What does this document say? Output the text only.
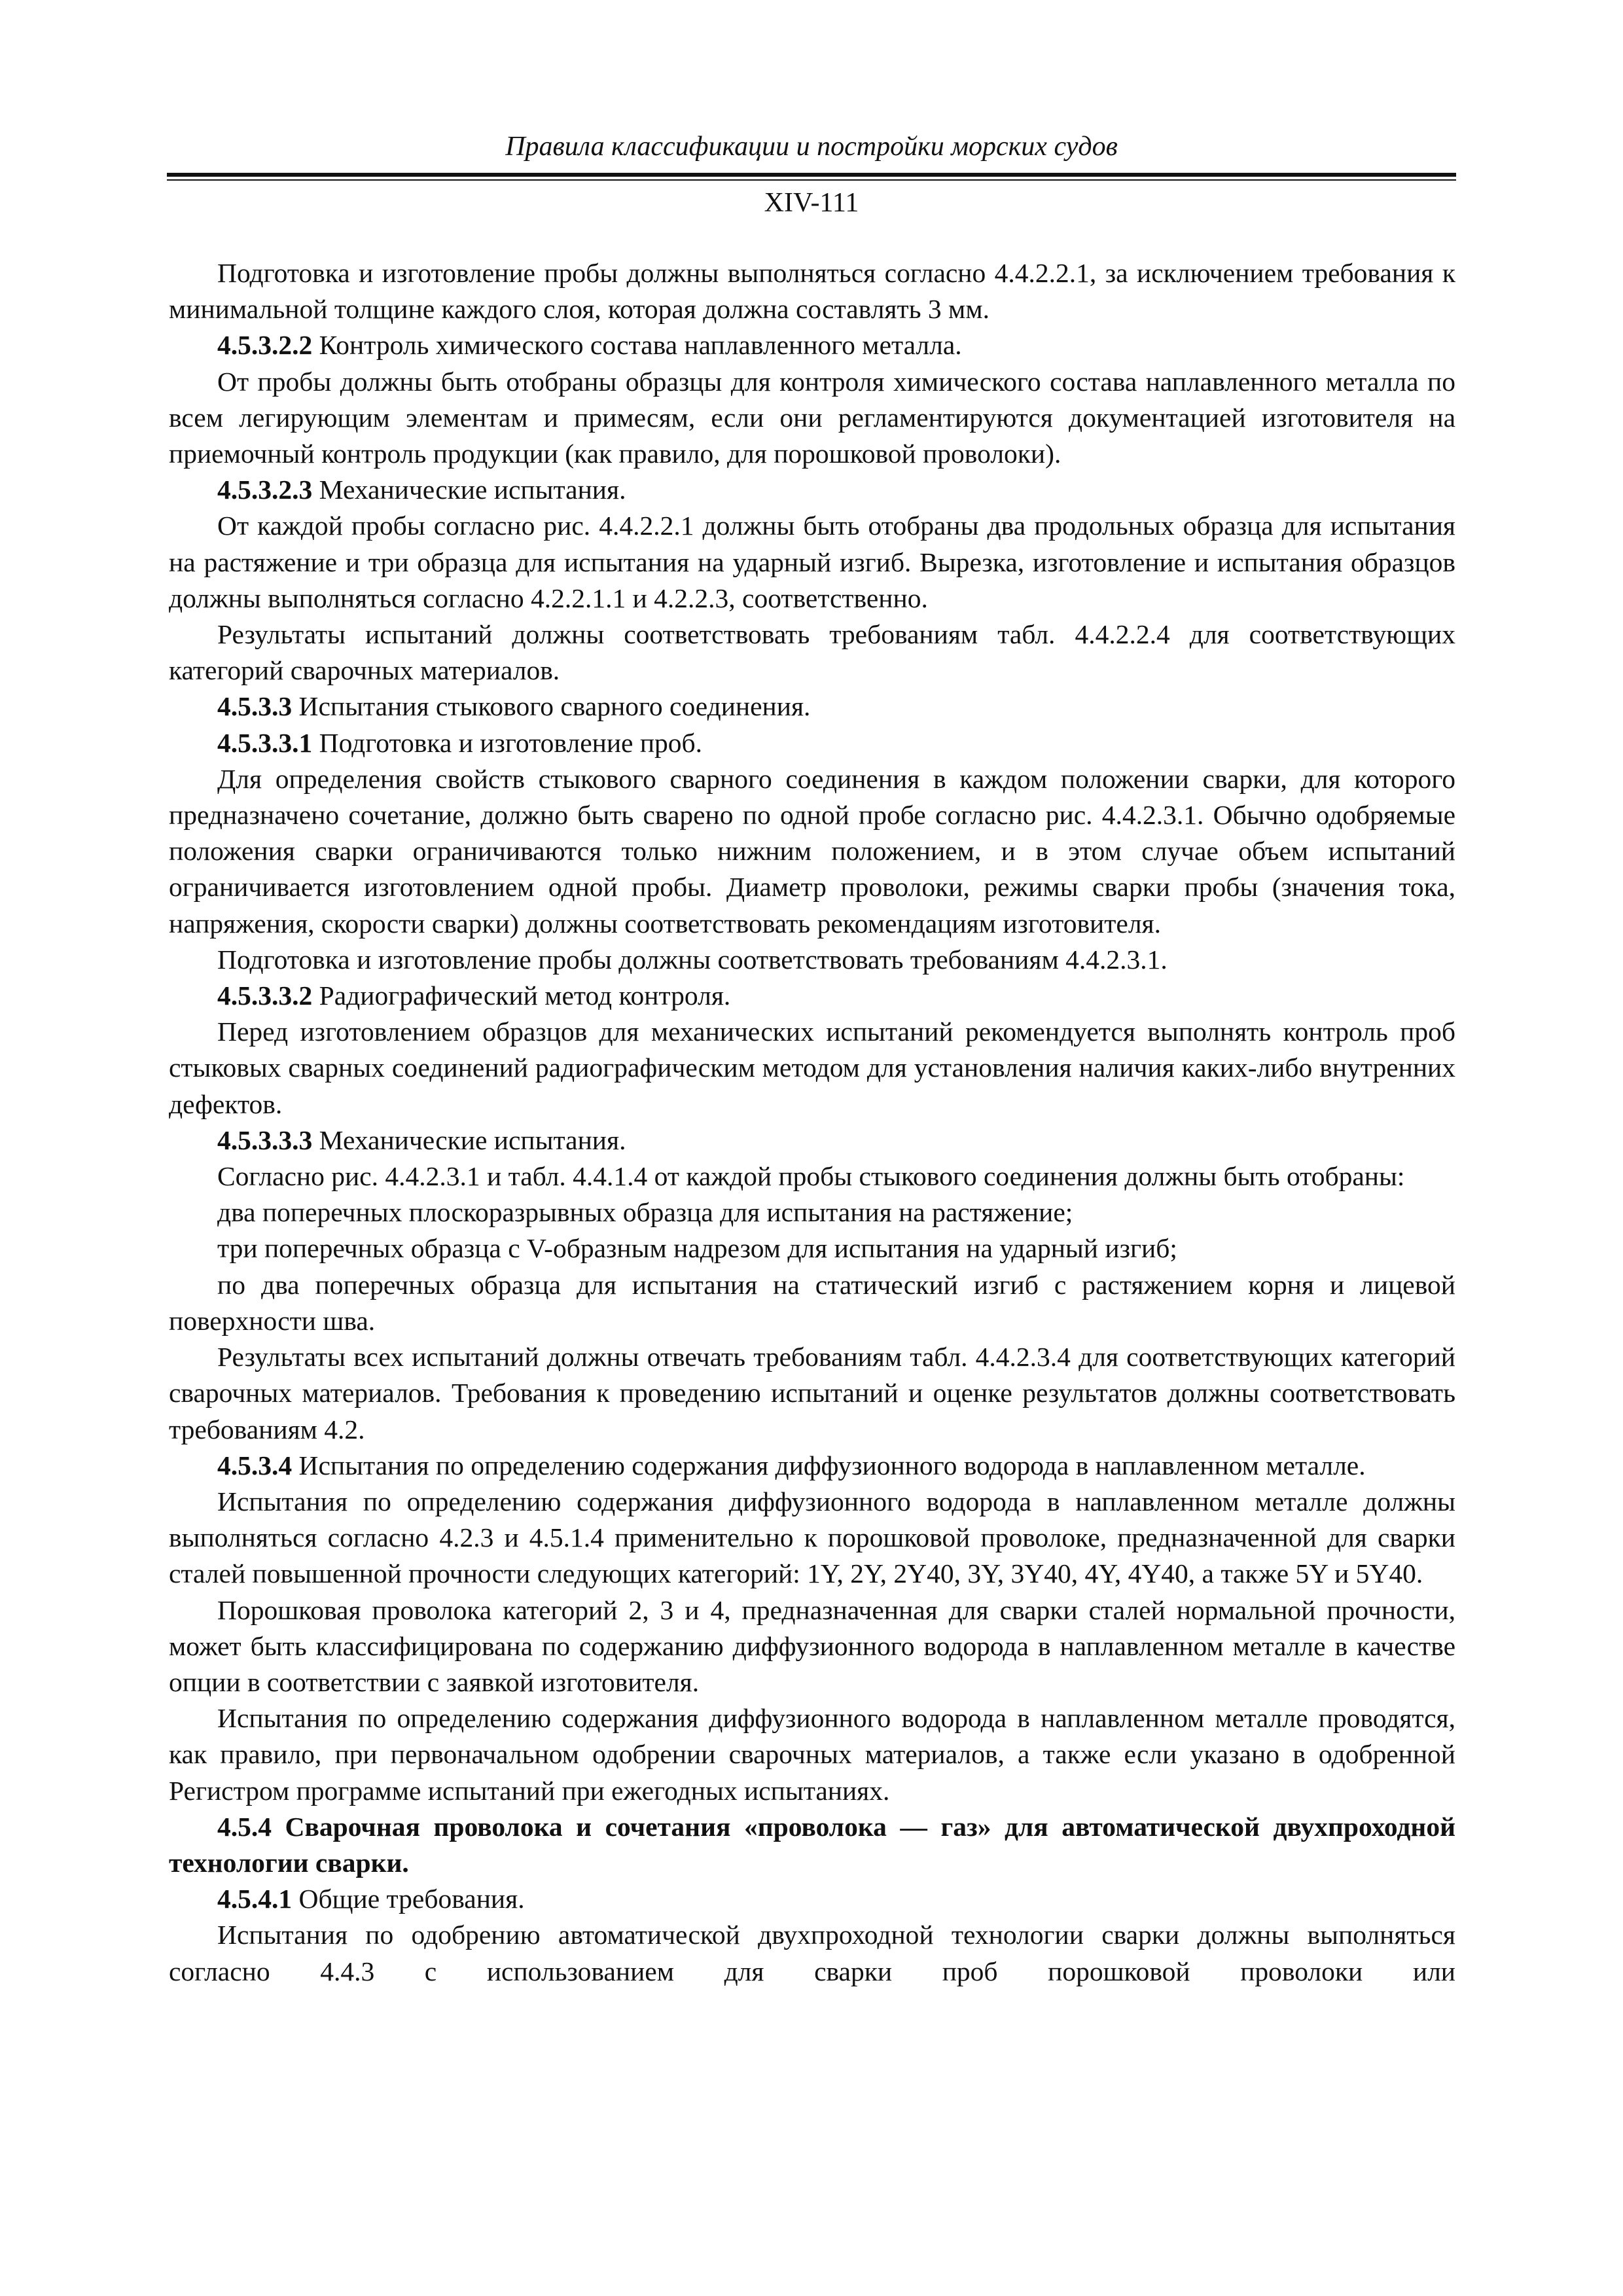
Правила классификации и постройки морских судов
XIV-111

Подготовка и изготовление пробы должны выполняться согласно 4.4.2.2.1, за исключением требования к минимальной толщине каждого слоя, которая должна составлять 3 мм.

4.5.3.2.2 Контроль химического состава наплавленного металла.

От пробы должны быть отобраны образцы для контроля химического состава наплавленного металла по всем легирующим элементам и примесям, если они регламентируются документацией изготовителя на приемочный контроль продукции (как правило, для порошковой проволоки).

4.5.3.2.3 Механические испытания.

От каждой пробы согласно рис. 4.4.2.2.1 должны быть отобраны два продольных образца для испытания на растяжение и три образца для испытания на ударный изгиб. Вырезка, изготовление и испытания образцов должны выполняться согласно 4.2.2.1.1 и 4.2.2.3, соответственно.

Результаты испытаний должны соответствовать требованиям табл. 4.4.2.2.4 для соответствующих категорий сварочных материалов.

4.5.3.3 Испытания стыкового сварного соединения.

4.5.3.3.1 Подготовка и изготовление проб.

Для определения свойств стыкового сварного соединения в каждом положении сварки, для которого предназначено сочетание, должно быть сварено по одной пробе согласно рис. 4.4.2.3.1. Обычно одобряемые положения сварки ограничиваются только нижним положением, и в этом случае объем испытаний ограничивается изготовлением одной пробы. Диаметр проволоки, режимы сварки пробы (значения тока, напряжения, скорости сварки) должны соответствовать рекомендациям изготовителя.

Подготовка и изготовление пробы должны соответствовать требованиям 4.4.2.3.1.

4.5.3.3.2 Радиографический метод контроля.

Перед изготовлением образцов для механических испытаний рекомендуется выполнять контроль проб стыковых сварных соединений радиографическим методом для установления наличия каких-либо внутренних дефектов.

4.5.3.3.3 Механические испытания.

Согласно рис. 4.4.2.3.1 и табл. 4.4.1.4 от каждой пробы стыкового соединения должны быть отобраны:

два поперечных плоскоразрывных образца для испытания на растяжение;

три поперечных образца с V-образным надрезом для испытания на ударный изгиб;

по два поперечных образца для испытания на статический изгиб с растяжением корня и лицевой поверхности шва.

Результаты всех испытаний должны отвечать требованиям табл. 4.4.2.3.4 для соответствующих категорий сварочных материалов. Требования к проведению испытаний и оценке результатов должны соответствовать требованиям 4.2.

4.5.3.4 Испытания по определению содержания диффузионного водорода в наплавленном металле.

Испытания по определению содержания диффузионного водорода в наплавленном металле должны выполняться согласно 4.2.3 и 4.5.1.4 применительно к порошковой проволоке, предназначенной для сварки сталей повышенной прочности следующих категорий: 1Y, 2Y, 2Y40, 3Y, 3Y40, 4Y, 4Y40, а также 5Y и 5Y40.

Порошковая проволока категорий 2, 3 и 4, предназначенная для сварки сталей нормальной прочности, может быть классифицирована по содержанию диффузионного водорода в наплавленном металле в качестве опции в соответствии с заявкой изготовителя.

Испытания по определению содержания диффузионного водорода в наплавленном металле проводятся, как правило, при первоначальном одобрении сварочных материалов, а также если указано в одобренной Регистром программе испытаний при ежегодных испытаниях.

4.5.4 Сварочная проволока и сочетания «проволока — газ» для автоматической двухпроходной технологии сварки.

4.5.4.1 Общие требования.

Испытания по одобрению автоматической двухпроходной технологии сварки должны выполняться согласно 4.4.3 с использованием для сварки проб порошковой проволоки или
